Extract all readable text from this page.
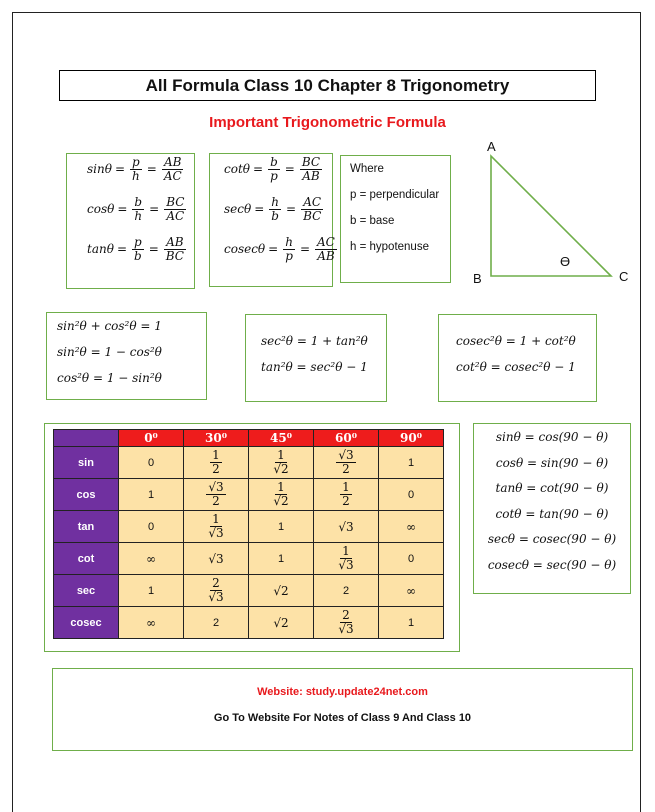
All Formula Class 10 Chapter 8 Trigonometry
Important Trigonometric Formula
$\sin\theta = \frac{p}{h} = \frac{AB}{AC}$
$\cos\theta = \frac{b}{h} = \frac{BC}{AC}$
$\tan\theta = \frac{p}{b} = \frac{AB}{BC}$
$\cot\theta = \frac{b}{p} = \frac{BC}{AB}$
$\sec\theta = \frac{h}{b} = \frac{AC}{BC}$
$cosec\theta = \frac{h}{p} = \frac{AC}{AB}$
Where
p = perpendicular
b = base
h = hypotenuse
A
B	C
ϴ
sin²θ + cos²θ = 1
sin²θ = 1 − cos²θ
cos²θ = 1 − sin²θ
sec²θ = 1 + tan²θ
tan²θ = sec²θ − 1
cosec²θ = 1 + cot²θ
cot²θ = cosec²θ − 1
	0⁰	30⁰	45⁰	60⁰	90⁰
sin	0	$\frac{1}{2}$	$\frac{1}{√2}$	$\frac{√3}{2}$	1
cos	1	$\frac{√3}{2}$	$\frac{1}{√2}$	$\frac{1}{2}$	0
tan	0	$\frac{1}{√3}$	1	√3	∞
cot	∞	√3	1	$\frac{1}{√3}$	0
sec	1	$\frac{2}{√3}$	√2	2	∞
cosec	∞	2	√2	$\frac{2}{√3}$	1
sinθ = cos(90 − θ)
cosθ = sin(90 − θ)
tanθ = cot(90 − θ)
cotθ = tan(90 − θ)
secθ = cosec(90 − θ)
cosecθ = sec(90 − θ)
Website: study.update24net.com
Go To Website For Notes of Class 9 And Class 10
